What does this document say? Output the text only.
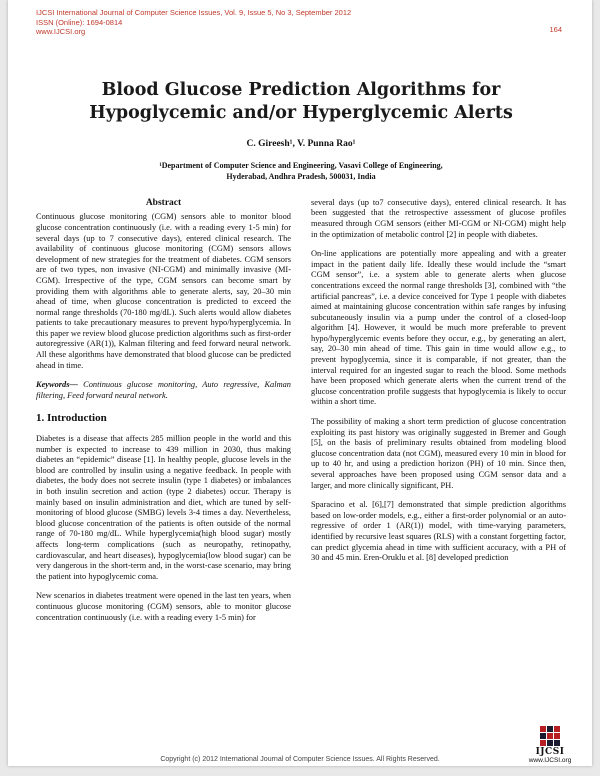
IJCSI International Journal of Computer Science Issues, Vol. 9, Issue 5, No 3, September 2012
ISSN (Online): 1694-0814
www.IJCSI.org	164
Blood Glucose Prediction Algorithms for Hypoglycemic and/or Hyperglycemic Alerts
C. Gireesh¹, V. Punna Rao¹
¹Department of Computer Science and Engineering, Vasavi College of Engineering,
Hyderabad, Andhra Pradesh, 500031, India
Abstract

Continuous glucose monitoring (CGM) sensors able to monitor blood glucose concentration continuously (i.e. with a reading every 1-5 min) for several days (up to 7 consecutive days), entered clinical research. The availability of continuous glucose monitoring (CGM) sensors allows development of new strategies for the treatment of diabetes. CGM sensors are of two types, non invasive (NI-CGM) and minimally invasive (MI-CGM). Irrespective of the type, CGM sensors can become smart by providing them with algorithms able to generate alerts, say, 20–30 min ahead of time, when glucose concentration is predicted to exceed the normal range thresholds (70-180 mg/dL). Such alerts would allow diabetes patients to take precautionary measures to prevent hypo/hyperglycemia. In this paper we review blood glucose prediction algorithms such as first-order autoregressive (AR(1)), Kalman filtering and feed forward neural network. All these algorithms have demonstrated that blood glucose can be predicted ahead in time.

Keywords— Continuous glucose monitoring, Auto regressive, Kalman filtering, Feed forward neural network.

1. Introduction

Diabetes is a disease that affects 285 million people in the world and this number is expected to increase to 439 million in 2030, thus making diabetes an “epidemic” disease [1]. In healthy people, glucose levels in the blood are controlled by insulin using a negative feedback. In people with diabetes, the body does not secrete insulin (type 1 diabetes) or imbalances in both insulin secretion and action (type 2 diabetes) occur. Therapy is mainly based on insulin administration and diet, which are tuned by self-monitoring of blood glucose (SMBG) levels 3-4 times a day. Nevertheless, blood glucose concentration of the patients is often outside of the normal range of 70-180 mg/dL. While hyperglycemia(high blood sugar) mostly affects long-term complications (such as neuropathy, retinopathy, cardiovascular, and heart diseases), hypoglycemia(low blood sugar) can be very dangerous in the short-term and, in the worst-case scenario, may bring the patient into hypoglycemic coma.

New scenarios in diabetes treatment were opened in the last ten years, when continuous glucose monitoring (CGM) sensors, able to monitor glucose concentration continuously (i.e. with a reading every 1-5 min) for

several days (up to7 consecutive days), entered clinical research. It has been suggested that the retrospective assessment of glucose profiles measured through CGM sensors (either MI-CGM or NI-CGM) might help in the optimization of metabolic control [2] in people with diabetes.

On-line applications are potentially more appealing and with a greater impact in the patient daily life. Ideally these would include the “smart CGM sensor”, i.e. a system able to generate alerts when glucose concentrations exceed the normal range thresholds [3], combined with “the artificial pancreas”, i.e. a device conceived for Type 1 people with diabetes aimed at maintaining glucose concentration within safe ranges by infusing subcutaneously insulin via a pump under the control of a closed-loop algorithm [4]. However, it would be much more preferable to prevent hypo/hyperglycemic events before they occur, e.g., by generating an alert, say, 20–30 min ahead of time. This gain in time would allow e.g., to prevent hypoglycemia, since it is comparable, if not greater, than the interval required for an ingested sugar to reach the blood. Some methods have been proposed which generate alerts when the current trend of the glucose concentration profile suggests that hypoglycemia is likely to occur within a short time.

The possibility of making a short term prediction of glucose concentration exploiting its past history was originally suggested in Bremer and Gough [5], on the basis of preliminary results obtained from modeling blood glucose concentration data (not CGM), measured every 10 min in blood for up to 40 hr, and using a prediction horizon (PH) of 10 min. Since then, several approaches have been proposed using CGM sensor data and a larger, and more clinically significant, PH.

Sparacino et al. [6],[7] demonstrated that simple prediction algorithms based on low-order models, e.g., either a first-order polynomial or an auto-regressive of order 1 (AR(1)) model, with time-varying parameters, identified by recursive least squares (RLS) with a constant forgetting factor, can predict glycemia ahead in time with sufficient accuracy, with a PH of 30 and 45 min. Eren-Oruklu et al. [8] developed prediction

Copyright (c) 2012 International Journal of Computer Science Issues. All Rights Reserved.
IJCSI
www.IJCSI.org
